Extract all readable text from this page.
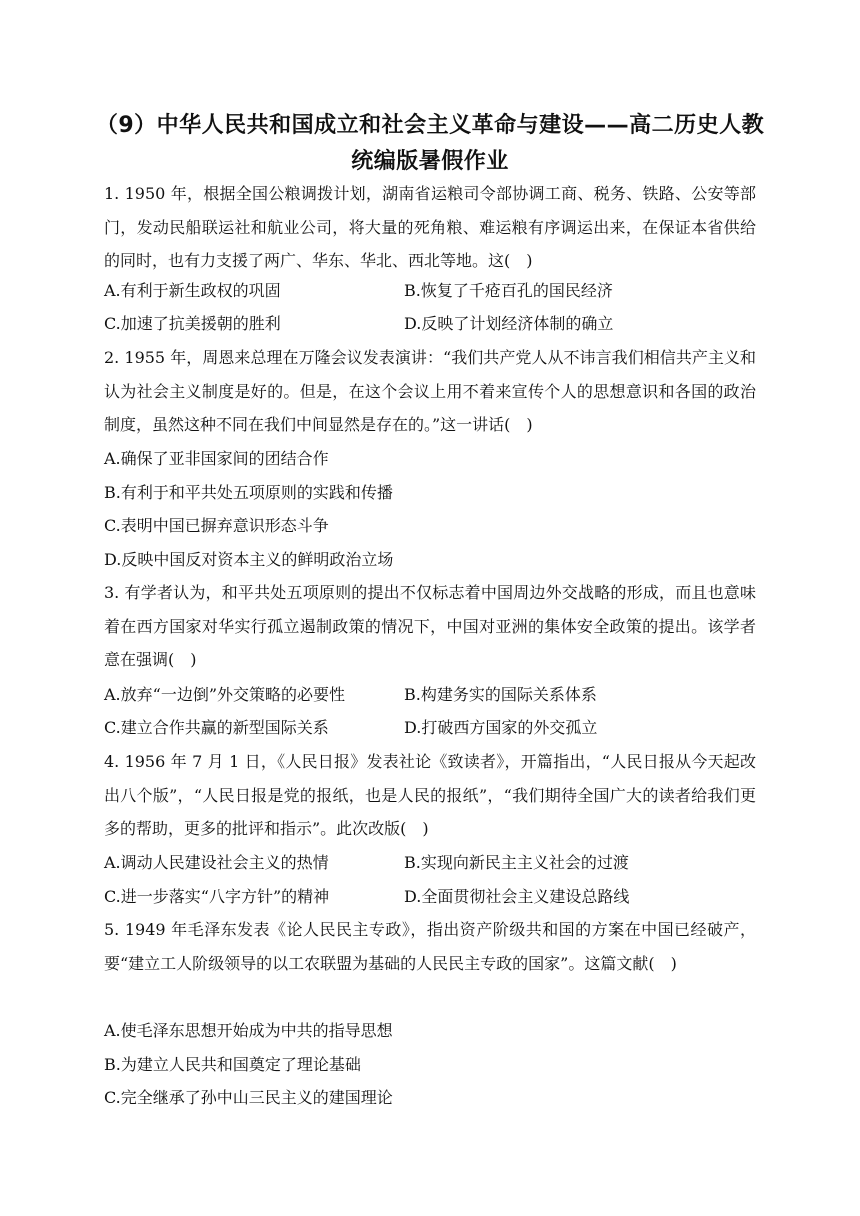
（9）中华人民共和国成立和社会主义革命与建设——高二历史人教
统编版暑假作业
1. 1950 年，根据全国公粮调拨计划，湖南省运粮司令部协调工商、税务、铁路、公安等部门，发动民船联运社和航业公司，将大量的死角粮、难运粮有序调运出来，在保证本省供给的同时，也有力支援了两广、华东、华北、西北等地。这(　)
A.有利于新生政权的巩固	B.恢复了千疮百孔的国民经济
C.加速了抗美援朝的胜利	D.反映了计划经济体制的确立
2. 1955 年，周恩来总理在万隆会议发表演讲：“我们共产党人从不讳言我们相信共产主义和认为社会主义制度是好的。但是，在这个会议上用不着来宣传个人的思想意识和各国的政治制度，虽然这种不同在我们中间显然是存在的。”这一讲话(　)
A.确保了亚非国家间的团结合作
B.有利于和平共处五项原则的实践和传播
C.表明中国已摒弃意识形态斗争
D.反映中国反对资本主义的鲜明政治立场
3. 有学者认为，和平共处五项原则的提出不仅标志着中国周边外交战略的形成，而且也意味着在西方国家对华实行孤立遏制政策的情况下，中国对亚洲的集体安全政策的提出。该学者意在强调(　)
A.放弃“一边倒”外交策略的必要性	B.构建务实的国际关系体系
C.建立合作共赢的新型国际关系	D.打破西方国家的外交孤立
4. 1956 年 7 月 1 日，《人民日报》发表社论《致读者》，开篇指出，“人民日报从今天起改出八个版”，“人民日报是党的报纸，也是人民的报纸”，“我们期待全国广大的读者给我们更多的帮助，更多的批评和指示”。此次改版(　)
A.调动人民建设社会主义的热情	B.实现向新民主主义社会的过渡
C.进一步落实“八字方针”的精神	D.全面贯彻社会主义建设总路线
5. 1949 年毛泽东发表《论人民民主专政》，指出资产阶级共和国的方案在中国已经破产，要“建立工人阶级领导的以工农联盟为基础的人民民主专政的国家”。这篇文献(　)
A.使毛泽东思想开始成为中共的指导思想
B.为建立人民共和国奠定了理论基础
C.完全继承了孙中山三民主义的建国理论
